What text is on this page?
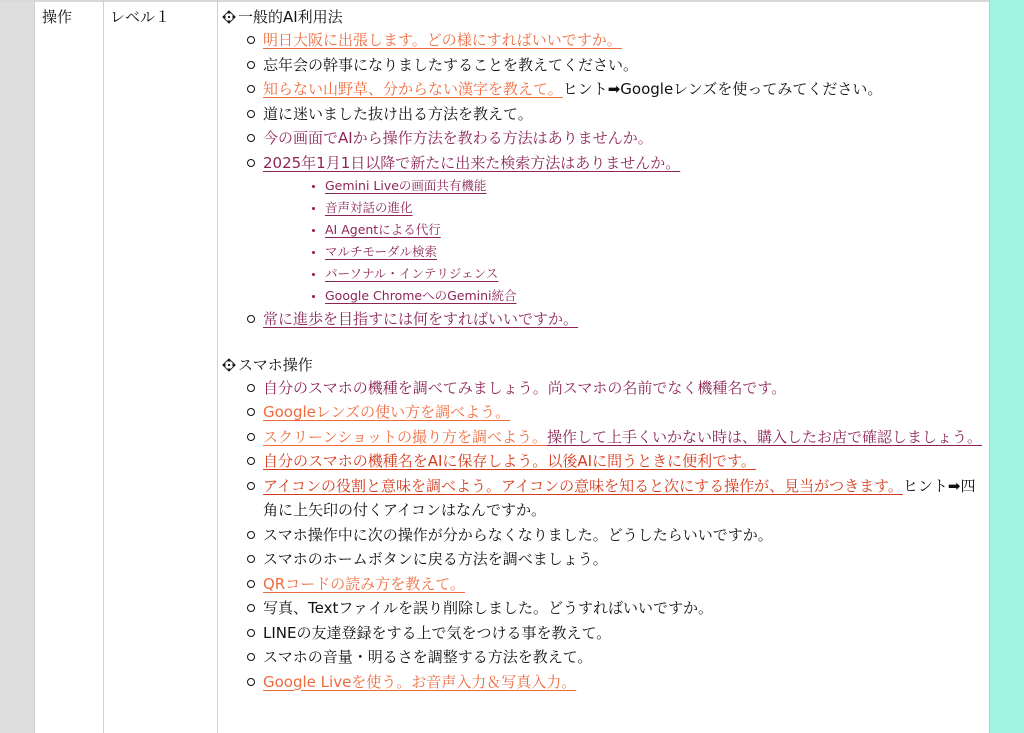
操作	レベル１	一般的AI利用法
明日大阪に出張します。どの様にすればいいですか。
忘年会の幹事になりましたすることを教えてください。
知らない山野草、分からない漢字を教えて。ヒント➡Googleレンズを使ってみてください。
道に迷いました抜け出る方法を教えて。
今の画面でAIから操作方法を教わる方法はありませんか。
2025年1月1日以降で新たに出来た検索方法はありませんか。
Gemini Liveの画面共有機能
音声対話の進化
AI Agentによる代行
マルチモーダル検索
パーソナル・インテリジェンス
Google ChromeへのGemini統合
常に進歩を目指すには何をすればいいですか。
スマホ操作
自分のスマホの機種を調べてみましょう。尚スマホの名前でなく機種名です。
Googleレンズの使い方を調べよう。
スクリーンショットの撮り方を調べよう。操作して上手くいかない時は、購入したお店で確認しましょう。
自分のスマホの機種名をAIに保存しよう。以後AIに問うときに便利です。
アイコンの役割と意味を調べよう。アイコンの意味を知ると次にする操作が、見当がつきます。ヒント➡四角に上矢印の付くアイコンはなんですか。
スマホ操作中に次の操作が分からなくなりました。どうしたらいいですか。
スマホのホームボタンに戻る方法を調べましょう。
QRコードの読み方を教えて。
写真、Textファイルを誤り削除しました。どうすればいいですか。
LINEの友達登録をする上で気をつける事を教えて。
スマホの音量・明るさを調整する方法を教えて。
Google Liveを使う。お音声入力＆写真入力。
